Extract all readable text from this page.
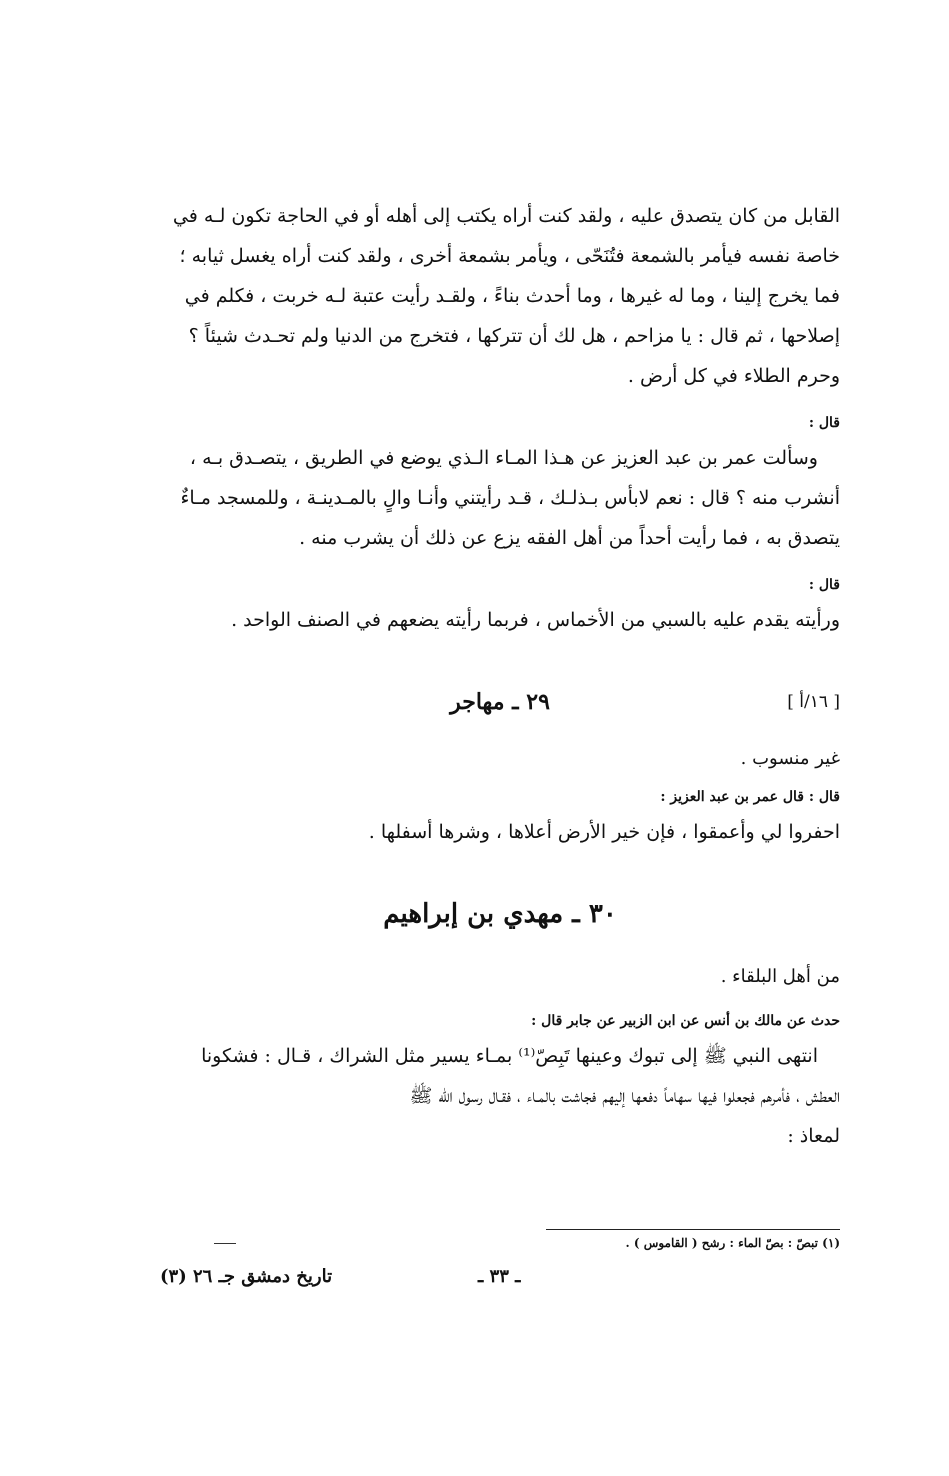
القابل من كان يتصدق عليه ، ولقد كنت أراه يكتب إلى أهله أو في الحاجة تكون لـه في

خاصة نفسه فيأمر بالشمعة فتُنَحّى ، ويأمر بشمعة أخرى ، ولقد كنت أراه يغسل ثيابه ؛

فما يخرج إلينا ، وما له غيرها ، وما أحدث بناءً ، ولقـد رأيت عتبة لـه خربت ، فكلم في

إصلاحها ، ثم قال : يا مزاحم ، هل لك أن تتركها ، فتخرج من الدنيا ولم تحـدث شيئاً ؟

وحرم الطلاء في كل أرض .

قال :

وسألت عمر بن عبد العزيز عن هـذا المـاء الـذي يوضع في الطريق ، يتصـدق بـه ،

أنشرب منه ؟ قال : نعم لابأس بـذلـك ، قـد رأيتني وأنـا والٍ بالمـدينـة ، وللمسجد مـاءٌ

يتصدق به ، فما رأيت أحداً من أهل الفقه يزع عن ذلك أن يشرب منه .

قال :

ورأيته يقدم عليه بالسبي من الأخماس ، فربما رأيته يضعهم في الصنف الواحد .

[ ١٦/أ ]
٢٩ ـ مهاجر

غير منسوب .

قال : قال عمر بن عبد العزيز :

احفروا لي وأعمقوا ، فإن خير الأرض أعلاها ، وشرها أسفلها .

٣٠ ـ مهدي بن إبراهيم

من أهل البلقاء .

حدث عن مالك بن أنس عن ابن الزبير عن جابر قال :

انتهى النبي ﷺ إلى تبوك وعينها تَبِصّ⁽¹⁾ بمـاء يسير مثل الشراك ، قـال : فشكونا

العطش ، فأمرهم فجعلوا فيها سهاماً دفعها إليهم فجاشت بالمـاء ، فقـال رسول الله ﷺ

لمعاذ :

(١) تبصّ : بصّ الماء : رشح ( القاموس ) .
ـ ٣٣ ـ
تاريخ دمشق جـ ٢٦ (٣)
